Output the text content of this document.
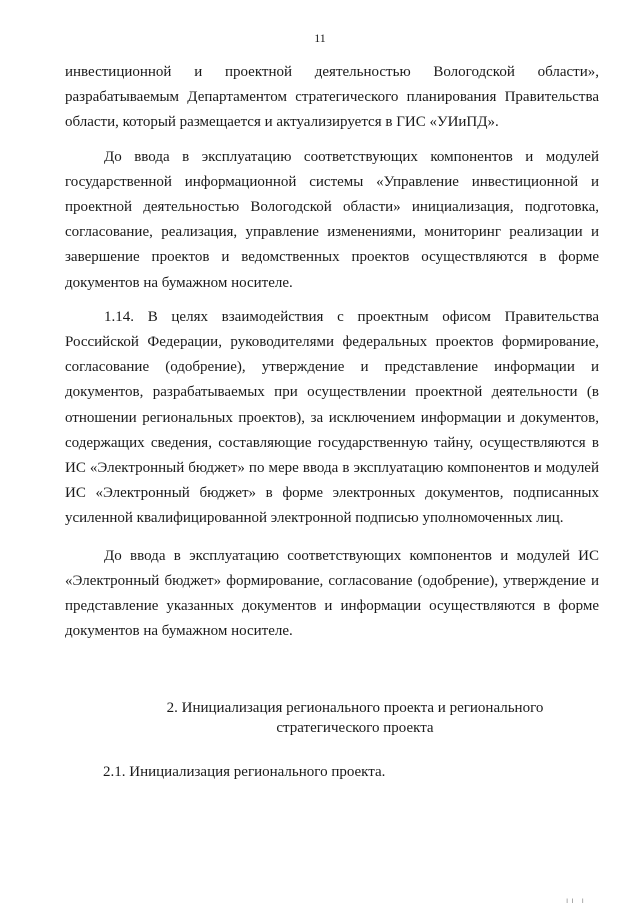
11

инвестиционной и проектной деятельностью Вологодской области», разрабатываемым Департаментом стратегического планирования Правительства области, который размещается и актуализируется в ГИС «УИиПД».

До ввода в эксплуатацию соответствующих компонентов и модулей государственной информационной системы «Управление инвестиционной и проектной деятельностью Вологодской области» инициализация, подготовка, согласование, реализация, управление изменениями, мониторинг реализации и завершение проектов и ведомственных проектов осуществляются в форме документов на бумажном носителе.

1.14. В целях взаимодействия с проектным офисом Правительства Российской Федерации, руководителями федеральных проектов формирование, согласование (одобрение), утверждение и представление информации и документов, разрабатываемых при осуществлении проектной деятельности (в отношении региональных проектов), за исключением информации и документов, содержащих сведения, составляющие государственную тайну, осуществляются в ИС «Электронный бюджет» по мере ввода в эксплуатацию компонентов и модулей ИС «Электронный бюджет» в форме электронных документов, подписанных усиленной квалифицированной электронной подписью уполномоченных лиц.

До ввода в эксплуатацию соответствующих компонентов и модулей ИС «Электронный бюджет» формирование, согласование (одобрение), утверждение и представление указанных документов и информации осуществляются в форме документов на бумажном носителе.

2. Инициализация регионального проекта и регионального
стратегического проекта
2.1. Инициализация регионального проекта.
ıı ı
